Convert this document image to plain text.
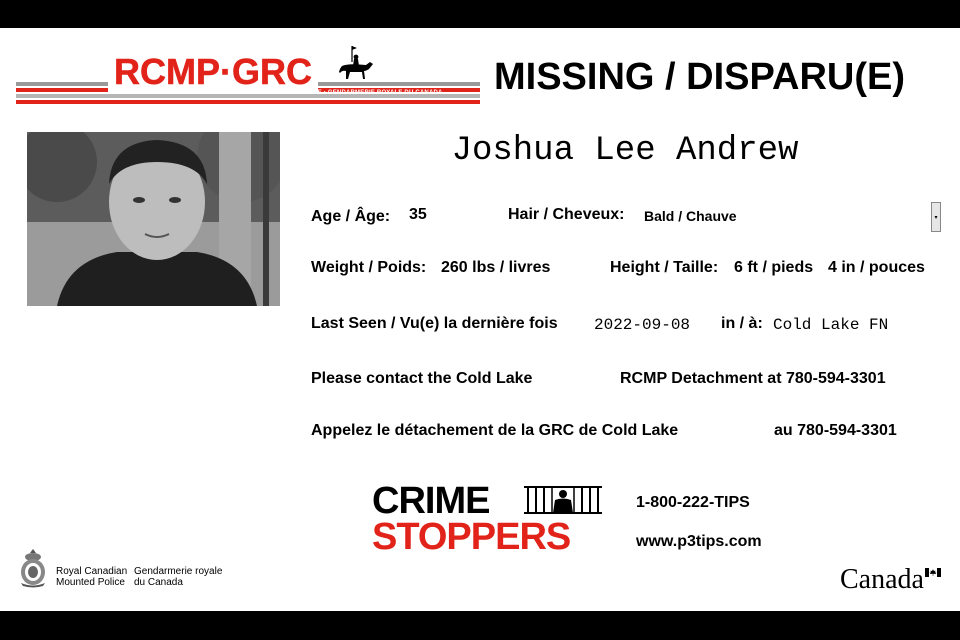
RCMP·GRC
ROYAL CANADIAN MOUNTED POLICE • GENDARMERIE ROYALE DU CANADA MISSING / DISPARU(E)
Joshua Lee Andrew
Age / Âge: 35	Hair / Cheveux: Bald / Chauve	▾
Weight / Poids: 260 lbs / livres	Height / Taille: 6 ft / pieds 4 in / pouces
Last Seen / Vu(e) la dernière fois 2022-09-08 in / à: Cold Lake FN
Please contact the Cold Lake	RCMP Detachment at 780-594-3301
Appelez le détachement de la GRC de Cold Lake	au 780-594-3301
CRIME
STOPPERS
1-800-222-TIPS
www.p3tips.com
Royal Canadian Mounted Police
Gendarmerie royale du Canada	Canada
